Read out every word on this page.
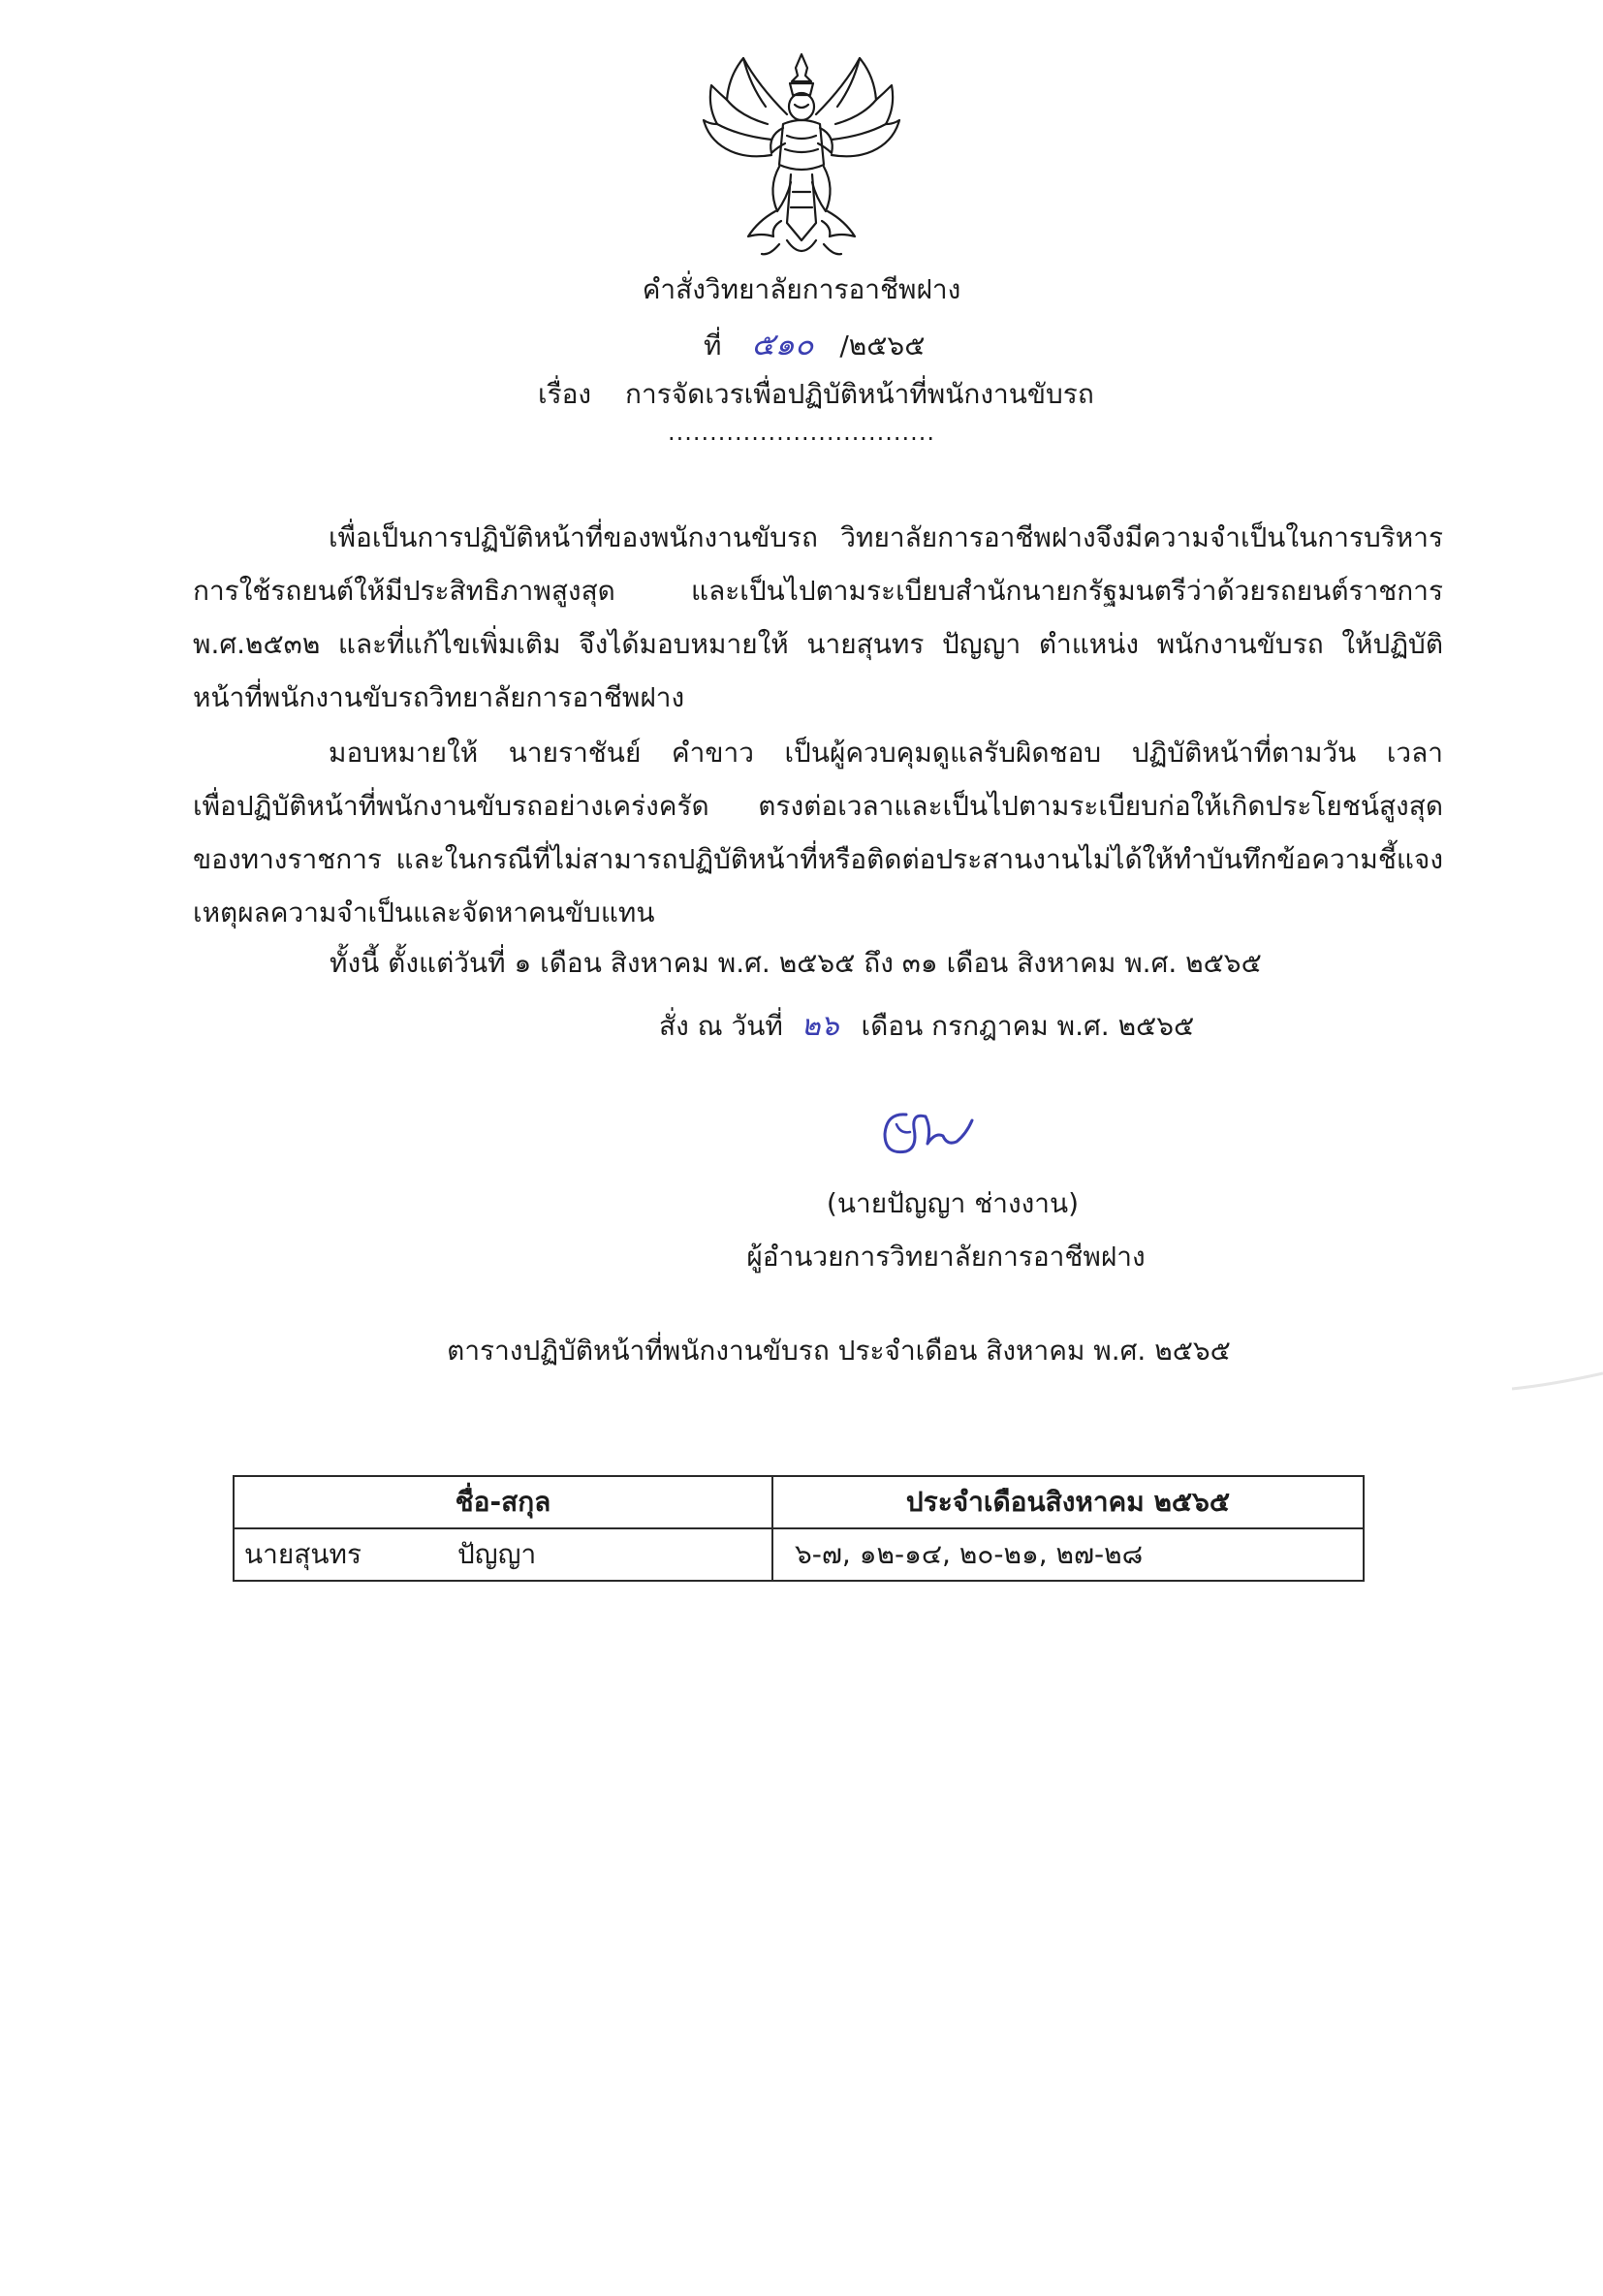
คำสั่งวิทยาลัยการอาชีพฝาง
ที่ ๕๑๐ /๒๕๖๕
เรื่อง การจัดเวรเพื่อปฏิบัติหน้าที่พนักงานขับรถ
................................
เพื่อเป็นการปฏิบัติหน้าที่ของพนักงานขับรถ วิทยาลัยการอาชีพฝางจึงมีความจำเป็นในการบริหาร
การใช้รถยนต์ให้มีประสิทธิภาพสูงสุด และเป็นไปตามระเบียบสำนักนายกรัฐมนตรีว่าด้วยรถยนต์ราชการ
พ.ศ.๒๕๓๒ และที่แก้ไขเพิ่มเติม จึงได้มอบหมายให้ นายสุนทร ปัญญา ตำแหน่ง พนักงานขับรถ ให้ปฏิบัติ
หน้าที่พนักงานขับรถวิทยาลัยการอาชีพฝาง
มอบหมายให้ นายราชันย์ คำขาว เป็นผู้ควบคุมดูแลรับผิดชอบ ปฏิบัติหน้าที่ตามวัน เวลา
เพื่อปฏิบัติหน้าที่พนักงานขับรถอย่างเคร่งครัด ตรงต่อเวลาและเป็นไปตามระเบียบก่อให้เกิดประโยชน์สูงสุด
ของทางราชการ และในกรณีที่ไม่สามารถปฏิบัติหน้าที่หรือติดต่อประสานงานไม่ได้ให้ทำบันทึกข้อความชี้แจง
เหตุผลความจำเป็นและจัดหาคนขับแทน
ทั้งนี้ ตั้งแต่วันที่ ๑ เดือน สิงหาคม พ.ศ. ๒๕๖๕ ถึง ๓๑ เดือน สิงหาคม พ.ศ. ๒๕๖๕
สั่ง ณ วันที่ ๒๖ เดือน กรกฎาคม พ.ศ. ๒๕๖๕
(นายปัญญา ช่างงาน)
ผู้อำนวยการวิทยาลัยการอาชีพฝาง
ตารางปฏิบัติหน้าที่พนักงานขับรถ ประจำเดือน สิงหาคม พ.ศ. ๒๕๖๕
ชื่อ-สกุล	ประจำเดือนสิงหาคม ๒๕๖๕
นายสุนทร ปัญญา	๖-๗, ๑๒-๑๔, ๒๐-๒๑, ๒๗-๒๘
